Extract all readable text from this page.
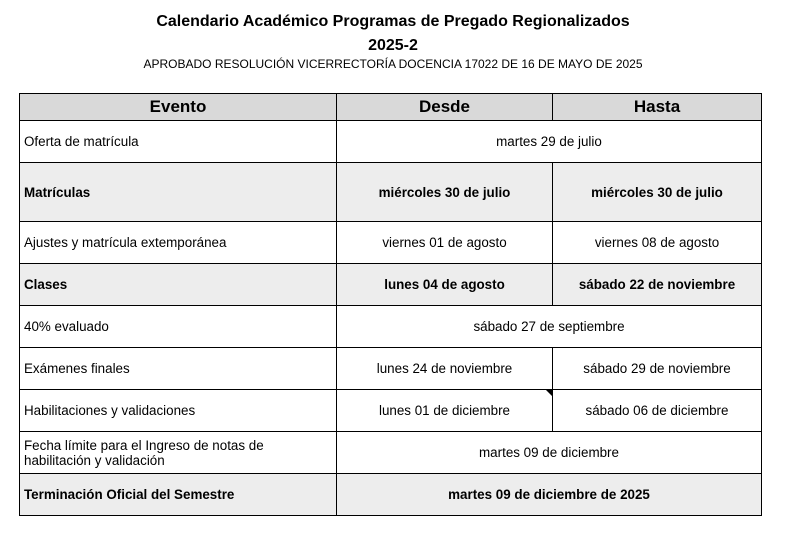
Calendario Académico Programas de Pregado Regionalizados
2025-2
APROBADO RESOLUCIÓN VICERRECTORÍA DOCENCIA 17022 DE 16 DE MAYO DE 2025
Evento	Desde	Hasta
Oferta de matrícula	martes 29 de julio	
Matrículas	miércoles 30 de julio	miércoles 30 de julio
Ajustes y matrícula extemporánea	viernes 01 de agosto	viernes 08 de agosto
Clases	lunes 04 de agosto	sábado 22 de noviembre
40% evaluado	sábado 27 de septiembre	
Exámenes finales	lunes 24 de noviembre	sábado 29 de noviembre
Habilitaciones y validaciones	lunes 01 de diciembre	sábado 06 de diciembre
Fecha límite para el Ingreso de notas de habilitación y validación	martes 09 de diciembre	
Terminación Oficial del Semestre	martes 09 de diciembre de 2025	
